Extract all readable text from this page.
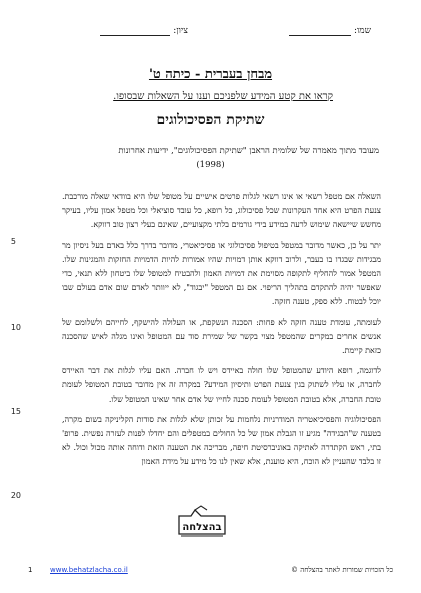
שמו:
ציון:
מבחן בעברית - כיתה ט'
קראו את קטע המידע שלפניכם וענו על השאלות שבסופו.
שתיקת הפסיכולוגים
מעובד מתוך מאמרה של שלומית הראבן "שתיקת הפסיכולוגים", ידיעות אחרונות
(1998)

השאלה אם מטפל רשאי או אינו רשאי לגלות פרטים אישיים על מטופל שלו היא בוודאי שאלה מורכבת. צנעת הפרט היא אחד העקרונות שכל פסיכולוג, כל רופא, כל עובד סוציאלי וכל מטפל אמון עליו, בעיקר מחשש שיישאה שימוש לרעה במידע בידי גורמים בלתי מקצועיים, שאינם בעלי רצון טוב דווקא.

יתר על כן, כאשר מדובר במטפל בטיפול פסיכולוגי או פסיכיאטרי, מדובר בדרך כלל באדם בעל ניסיון מר מבגידות שבגדו בו בעבר, ולרוב דווקא אותן דמויות שהיו אמורות להיות הדמויות החזקות והמגינות שלו. המטפל אמור להחליף לתקופה מסוימת את דמויות האמון ולהבטיח למטופל שלו ביטחון ללא תנאי, כדי שאפשר יהיה להתקדם בתהליך הריפוי. אם גם המטפל "יבגוד", לא ייוותר לאדם שום אדם בעולם שבו יוכל לבטוח. ללא ספק, טענה חזקה.

לעומתה, עומדת טענה חזקה לא פחות: הסכנה הנשקפת, או העלולה להישקף, לחייהם ולשלומם של אנשים אחרים במקרים שהמטפל מצוי בקשר של שמירת סוד עם המטופל ואינו מגלה לאיש שהסכנה כזאת קיימת.

לדוגמה, רופא היודע שהמטופל שלו חולה באיידס ויש לו חברה. האם עליו לגלות את דבר האיידס לחברה, או עליו לשתוק בגין צנעת הפרט ותיסיון המידע? במקרה זה אין מדובר בטובת המטופל לעומת טובת החברה, אלא בטובת המטופל לעומת סכנה לחייו של אדם אחר שאינו המטופל שלו.

הפסיכולוגיה והפסיכיאטריה המודרניות נלחמות על זכותן שלא לגלות את סודות הקליניקה בשום מקרה, בטענה ש"הבגידה" מגיע זו הגבלת אמון של כל החולים במטפלים והם יחדלו לפנות לעזרה נפשית. פרופ' בתי, ראש הקתדרה לאתיקה באוניברסיטת חיפה, מבריכה את הטענה הזאת ודוחה אותה מכול וכול. לא זו בלבד שהעניין לא הוכח, היא טוענת, אלא שאין לנו כל מידע על מידת האמון

5
10
15
20
בהצלחה
כל הזכויות שמורות לאתר בהצלחה ©
www.behatzlacha.co.il
1
